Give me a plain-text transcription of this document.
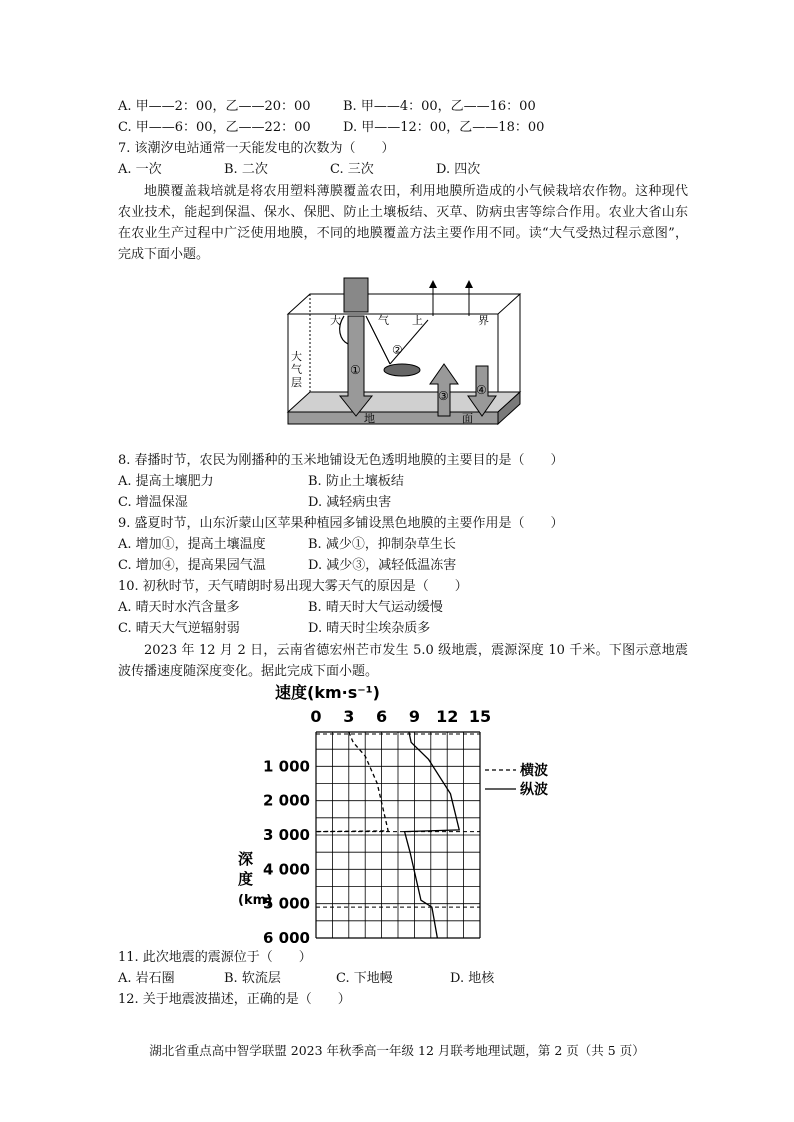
A. 甲——2：00，乙——20：00 B. 甲——4：00，乙——16：00
C. 甲——6：00，乙——22：00 D. 甲——12：00，乙——18：00
7. 该潮汐电站通常一天能发电的次数为（　　）
A. 一次	B. 二次	C. 三次	D. 四次
地膜覆盖栽培就是将农用塑料薄膜覆盖农田，利用地膜所造成的小气候栽培农作物。这种现代农业技术，能起到保温、保水、保肥、防止土壤板结、灭草、防病虫害等综合作用。农业大省山东在农业生产过程中广泛使用地膜，不同的地膜覆盖方法主要作用不同。读“大气受热过程示意图”，完成下面小题。
大	气 上	界
大
气
层
地	面
①
②
③ ④
8. 春播时节，农民为刚播种的玉米地铺设无色透明地膜的主要目的是（　　）
A. 提高土壤肥力	B. 防止土壤板结
C. 增温保湿	D. 减轻病虫害
9. 盛夏时节，山东沂蒙山区苹果种植园多铺设黑色地膜的主要作用是（　　）
A. 增加①，提高土壤温度	B. 减少①，抑制杂草生长
C. 增加④，提高果园气温	D. 减少③，减轻低温冻害
10. 初秋时节，天气晴朗时易出现大雾天气的原因是（　　）
A. 晴天时水汽含量多	B. 晴天时大气运动缓慢
C. 晴天大气逆辐射弱	D. 晴天时尘埃杂质多
2023 年 12 月 2 日，云南省德宏州芒市发生 5.0 级地震，震源深度 10 千米。下图示意地震波传播速度随深度变化。据此完成下面小题。
速度(km·s⁻¹)
0 3 6 9 12 15
1 000
2 000
3 000
4 000
5 000
6 000
深
度
(km)
横波
纵波
11. 此次地震的震源位于（　　）
A. 岩石圈	B. 软流层	C. 下地幔	D. 地核
12. 关于地震波描述，正确的是（　　）
湖北省重点高中智学联盟 2023 年秋季高一年级 12 月联考地理试题，第 2 页（共 5 页）
